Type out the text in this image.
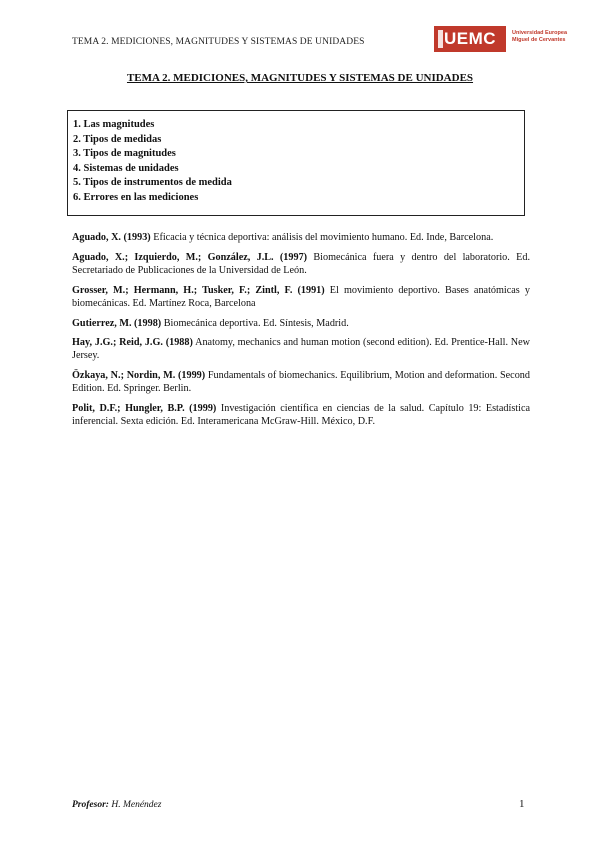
TEMA 2. MEDICIONES, MAGNITUDES Y SISTEMAS DE UNIDADES	UEMC	Universidad Europea Miguel de Cervantes
TEMA 2. MEDICIONES, MAGNITUDES Y SISTEMAS DE UNIDADES
1. Las magnitudes
2. Tipos de medidas
3. Tipos de magnitudes
4. Sistemas de unidades
5. Tipos de instrumentos de medida
6. Errores en las mediciones

Aguado, X. (1993) Eficacia y técnica deportiva: análisis del movimiento humano. Ed. Inde, Barcelona.

Aguado, X.; Izquierdo, M.; González, J.L. (1997) Biomecánica fuera y dentro del laboratorio. Ed. Secretariado de Publicaciones de la Universidad de León.

Grosser, M.; Hermann, H.; Tusker, F.; Zintl, F. (1991) El movimiento deportivo. Bases anatómicas y biomecánicas. Ed. Martínez Roca, Barcelona

Gutierrez, M. (1998) Biomecánica deportiva. Ed. Síntesis, Madrid.

Hay, J.G.; Reid, J.G. (1988) Anatomy, mechanics and human motion (second edition). Ed. Prentice-Hall. New Jersey.

Özkaya, N.; Nordin, M. (1999) Fundamentals of biomechanics. Equilibrium, Motion and deformation. Second Edition. Ed. Springer. Berlin.

Polit, D.F.; Hungler, B.P. (1999) Investigación científica en ciencias de la salud. Capítulo 19: Estadística inferencial. Sexta edición. Ed. Interamericana McGraw-Hill. México, D.F.

Profesor: H. Menéndez	1
